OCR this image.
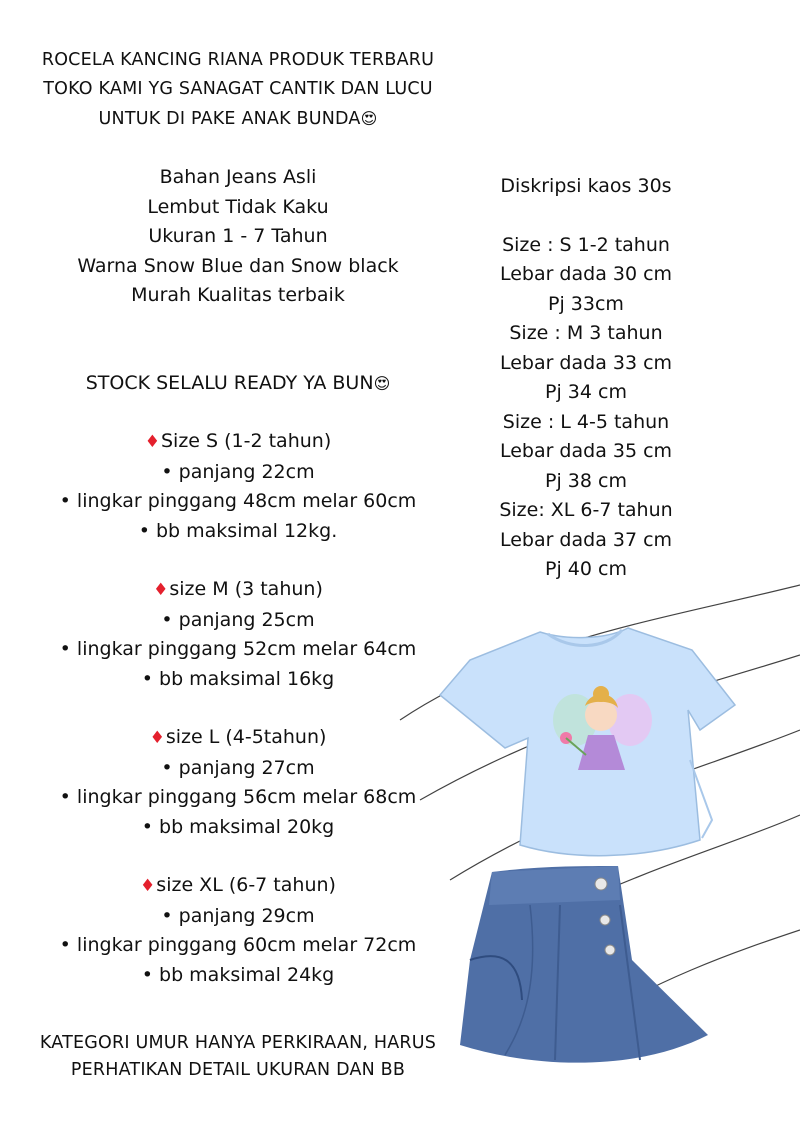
ROCELA KANCING RIANA PRODUK TERBARU
TOKO KAMI YG SANAGAT CANTIK DAN LUCU
UNTUK DI PAKE ANAK BUNDA😍
Bahan Jeans Asli
Lembut Tidak Kaku
Ukuran 1 - 7 Tahun
Warna Snow Blue dan Snow black
Murah Kualitas terbaik
STOCK SELALU READY YA BUN😍
♦Size S (1-2 tahun)
• panjang 22cm
• lingkar pinggang 48cm melar 60cm
• bb maksimal 12kg.
♦size M (3 tahun)
• panjang 25cm
• lingkar pinggang 52cm melar 64cm
• bb maksimal 16kg
♦size L (4-5tahun)
• panjang 27cm
• lingkar pinggang 56cm melar 68cm
• bb maksimal 20kg
♦size XL (6-7 tahun)
• panjang 29cm
• lingkar pinggang 60cm melar 72cm
• bb maksimal 24kg
KATEGORI UMUR HANYA PERKIRAAN, HARUS
PERHATIKAN DETAIL UKURAN DAN BB
Diskripsi kaos 30s
Size : S 1-2 tahun
Lebar dada 30 cm
Pj 33cm
Size : M 3 tahun
Lebar dada 33 cm
Pj 34 cm
Size : L 4-5 tahun
Lebar dada 35 cm
Pj 38 cm
Size: XL 6-7 tahun
Lebar dada 37 cm
Pj 40 cm
